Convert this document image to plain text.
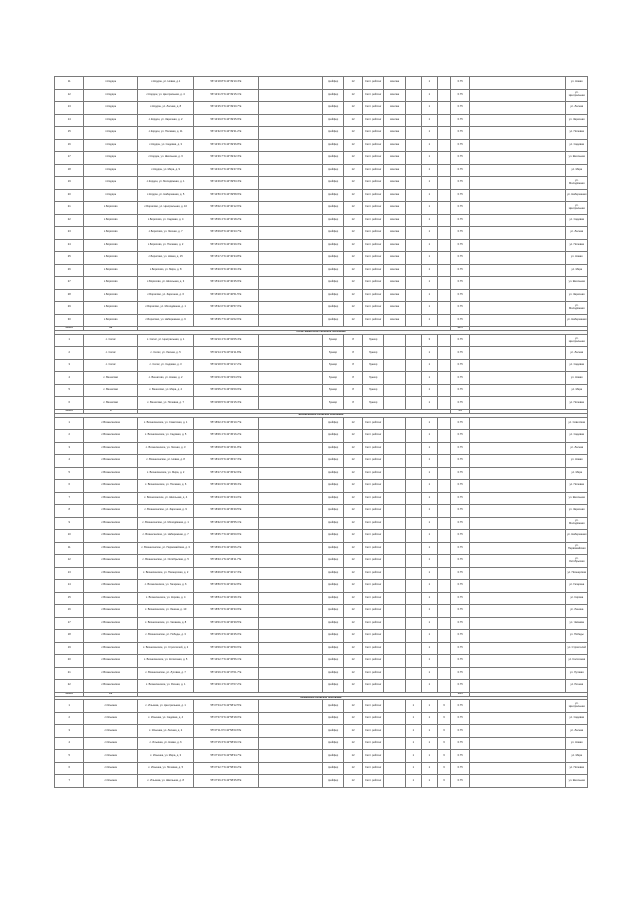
11	п.Кордон	с.Кордон, ул. Новая, д.1	56°14'18.8"N 44°39'10.4"E		грейфер	12	Септ. рейтинг	монтаж		1		0.75		ул. Новая
12	п.Кордон	с.Кордон, ул. Центральная, д. 4	56°14'21.5"N 44°39'15.1"E		грейфер	12	Септ. рейтинг	монтаж		1		0.75		ул. Центральная
13	п.Кордон	с.Кордон, ул. Лесная, д. 8	56°14'25.3"N 44°39'20.7"E		грейфер	12	Септ. рейтинг	монтаж		1		0.75		ул. Лесная
14	п.Кордон	с.Кордон, ул. Заречная, д. 2	56°14'29.0"N 44°39'25.9"E		грейфер	12	Септ. рейтинг	монтаж		1		0.75		ул. Заречная
15	п.Кордон	с.Кордон, ул. Полевая, д. 11	56°14'32.6"N 44°39'31.2"E		грейфер	12	Септ. рейтинг	монтаж		1		0.75		ул. Полевая
16	п.Кордон	с.Кордон, ул. Садовая, д. 3	56°14'36.1"N 44°39'36.8"E		грейфер	12	Септ. рейтинг	монтаж		1		0.75		ул. Садовая
17	п.Кордон	с.Кордон, ул. Школьная, д. 6	56°14'39.7"N 44°39'42.3"E		грейфер	12	Септ. рейтинг	монтаж		1		0.75		ул. Школьная
18	п.Кордон	с.Кордон, ул. Мира, д. 9	56°14'43.2"N 44°39'47.9"E		грейфер	12	Септ. рейтинг	монтаж		1		0.75		ул. Мира
19	п.Кордон	с.Кордон, ул. Молодёжная, д. 1	56°14'46.8"N 44°39'53.4"E		грейфер	12	Септ. рейтинг	монтаж		1		0.75		ул. Молодёжная
20	п.Кордон	с.Кордон, ул. Набережная, д. 5	56°14'50.3"N 44°39'58.9"E		грейфер	12	Септ. рейтинг	монтаж		1		0.75		ул. Набережная
21	с.Борисово	с.Борисово, ул. Центральная, д. 10	56°15'02.4"N 44°40'12.6"E		грейфер	12	Септ. рейтинг	монтаж		1		0.75		ул. Центральная
22	с.Борисово	с.Борисово, ул. Садовая, д. 4	56°15'06.1"N 44°40'18.2"E		грейфер	12	Септ. рейтинг	монтаж		1		0.75		ул. Садовая
23	с.Борисово	с.Борисово, ул. Лесная, д. 7	56°15'09.8"N 44°40'23.7"E		грейфер	12	Септ. рейтинг	монтаж		1		0.75		ул. Лесная
24	с.Борисово	с.Борисово, ул. Полевая, д. 2	56°15'13.5"N 44°40'29.3"E		грейфер	12	Септ. рейтинг	монтаж		1		0.75		ул. Полевая
25	с.Борисово	с.Борисово, ул. Новая, д. 15	56°15'17.2"N 44°40'34.8"E		грейфер	12	Септ. рейтинг	монтаж		1		0.75		ул. Новая
26	с.Борисово	с.Борисово, ул. Мира, д. 8	56°15'20.9"N 44°40'40.4"E		грейфер	12	Септ. рейтинг	монтаж		1		0.75		ул. Мира
27	с.Борисово	с.Борисово, ул. Школьная, д. 3	56°15'24.6"N 44°40'45.9"E		грейфер	12	Септ. рейтинг	монтаж		1		0.75		ул. Школьная
28	с.Борисово	с.Борисово, ул. Заречная, д. 6	56°15'28.3"N 44°40'51.5"E		грейфер	12	Септ. рейтинг	монтаж		1		0.75		ул. Заречная
29	с.Борисово	с.Борисово, ул. Молодёжная, д. 1	56°15'32.0"N 44°40'57.0"E		грейфер	12	Септ. рейтинг	монтаж		1		0.75		ул. Молодёжная
30	с.Борисово	с.Борисово, ул. Набережная, д. 9	56°15'35.7"N 44°41'02.6"E		грейфер	12	Септ. рейтинг	монтаж		1		0.75		ул. Набережная
Итого	30											22.5		
Сатис-Вешатское сельское поселение														
1	с. Сатис	с. Сатис, ул. Центральная, д. 1	55°42'10.1"N 43°32'05.4"E		бункер	8	бункер			3		0.75		ул. Центральная
2	с. Сатис	с. Сатис, ул. Лесная, д. 5	55°42'14.3"N 43°32'11.8"E		бункер	8	бункер			1		0.75		ул. Лесная
3	с. Сатис	с. Сатис, ул. Садовая, д. 3	55°42'18.6"N 43°32'17.2"E		бункер	8	бункер			1		0.75		ул. Садовая
4	с. Вешатово	с. Вешатово, ул. Новая, д. 2	55°43'01.9"N 43°33'04.5"E		бункер	8	бункер			1		0.75		ул. Новая
5	с. Вешатово	с. Вешатово, ул. Мира, д. 4	55°43'05.2"N 43°33'09.9"E		бункер	8	бункер			1		0.75		ул. Мира
6	с. Вешатово	с. Вешатово, ул. Полевая, д. 7	55°43'08.5"N 43°33'15.3"E		бункер	8	бункер			1		0.75		ул. Полевая
Итого	6											4.5		
Вознесенское сельское поселение														
1	с.Вознесенское	с. Вознесенское, ул. Советская, д. 1	55°18'02.4"N 42°45'10.7"E		грейфер	12	Септ. рейтинг			1		0.75		ул. Советская
2	с.Вознесенское	с. Вознесенское, ул. Садовая, д. 5	55°18'06.1"N 42°45'16.2"E		грейфер	12	Септ. рейтинг			1		0.75		ул. Садовая
3	с.Вознесенское	с. Вознесенское, ул. Лесная, д. 3	55°18'09.8"N 42°45'21.8"E		грейфер	12	Септ. рейтинг			1		0.75		ул. Лесная
4	с.Вознесенское	с. Вознесенское, ул. Новая, д. 8	55°18'13.5"N 42°45'27.3"E		грейфер	12	Септ. рейтинг			1		0.75		ул. Новая
5	с.Вознесенское	с. Вознесенское, ул. Мира, д. 2	55°18'17.2"N 42°45'32.9"E		грейфер	12	Септ. рейтинг			1		0.75		ул. Мира
6	с.Вознесенское	с. Вознесенское, ул. Полевая, д. 6	55°18'20.9"N 42°45'38.4"E		грейфер	12	Септ. рейтинг			1		0.75		ул. Полевая
7	с.Вознесенское	с. Вознесенское, ул. Школьная, д. 4	55°18'24.6"N 42°45'44.0"E		грейфер	12	Септ. рейтинг			1		0.75		ул. Школьная
8	с.Вознесенское	с. Вознесенское, ул. Заречная, д. 9	55°18'28.3"N 42°45'49.5"E		грейфер	12	Септ. рейтинг			1		0.75		ул. Заречная
9	с.Вознесенское	с. Вознесенское, ул. Молодёжная, д. 1	55°18'32.0"N 42°45'55.1"E		грейфер	12	Септ. рейтинг			1		0.75		ул. Молодёжная
10	с.Вознесенское	с. Вознесенское, ул. Набережная, д. 7	55°18'35.7"N 42°46'00.6"E		грейфер	12	Септ. рейтинг			1		0.75		ул. Набережная
11	с.Вознесенское	с. Вознесенское, ул. Первомайская, д. 3	55°18'39.4"N 42°46'06.2"E		грейфер	12	Септ. рейтинг			1		0.75		ул. Первомайская
12	с.Вознесенское	с. Вознесенское, ул. Октябрьская, д. 5	55°18'43.1"N 42°46'11.7"E		грейфер	12	Септ. рейтинг			1		0.75		ул. Октябрьская
13	с.Вознесенское	с. Вознесенское, ул. Пионерская, д. 2	55°18'46.8"N 42°46'17.3"E		грейфер	12	Септ. рейтинг			1		0.75		ул. Пионерская
14	с.Вознесенское	с. Вознесенское, ул. Гагарина, д. 6	55°18'50.5"N 42°46'22.8"E		грейфер	12	Септ. рейтинг			1		0.75		ул. Гагарина
15	с.Вознесенское	с. Вознесенское, ул. Кирова, д. 4	55°18'54.2"N 42°46'28.4"E		грейфер	12	Септ. рейтинг			1		0.75		ул. Кирова
16	с.Вознесенское	с. Вознесенское, ул. Ленина, д. 10	55°18'57.9"N 42°46'33.9"E		грейфер	12	Септ. рейтинг			1		0.75		ул. Ленина
17	с.Вознесенское	с. Вознесенское, ул. Чапаева, д. 8	55°19'01.6"N 42°46'39.5"E		грейфер	12	Септ. рейтинг			1		0.75		ул. Чапаева
18	с.Вознесенское	с. Вознесенское, ул. Победы, д. 3	55°19'05.3"N 42°46'45.0"E		грейфер	12	Септ. рейтинг			1		0.75		ул. Победы
19	с.Вознесенское	с. Вознесенское, ул. Строителей, д. 2	55°19'09.0"N 42°46'50.6"E		грейфер	12	Септ. рейтинг			1		0.75		ул. Строителей
20	с.Вознесенское	с. Вознесенское, ул. Колхозная, д. 5	55°19'12.7"N 42°46'56.1"E		грейфер	12	Септ. рейтинг			1		0.75		ул. Колхозная
21	с.Вознесенское	с. Вознесенское, ул. Луговая, д. 7	55°19'16.4"N 42°47'01.7"E		грейфер	12	Септ. рейтинг			1		0.75		ул. Луговая
22	с.Вознесенское	с. Вознесенское, ул. Речная, д. 1	55°19'20.1"N 42°47'07.2"E		грейфер	12	Септ. рейтинг			1		0.75		ул. Речная
Итого	22											16.5		
Ильинское сельское поселение														
1	с.Ильинка	с. Ильинка, ул. Центральная, д. 1	55°27'04.2"N 42°58'12.5"E		грейфер	12	Септ. рейтинг		1	1	6	0.75		ул. Центральная
2	с.Ильинка	с. Ильинка, ул. Садовая, д. 4	55°27'07.9"N 42°58'18.0"E		грейфер	12	Септ. рейтинг		1	1	6	0.75		ул. Садовая
3	с.Ильинка	с. Ильинка, ул. Лесная, д. 2	55°27'11.6"N 42°58'23.6"E		грейфер	12	Септ. рейтинг		1	1	6	0.75		ул. Лесная
4	с.Ильинка	с. Ильинка, ул. Новая, д. 6	55°27'15.3"N 42°58'29.1"E		грейфер	12	Септ. рейтинг		1	1	6	0.75		ул. Новая
5	с.Ильинка	с. Ильинка, ул. Мира, д. 3	55°27'19.0"N 42°58'34.7"E		грейфер	12	Септ. рейтинг		1	1	6	0.75		ул. Мира
6	с.Ильинка	с. Ильинка, ул. Полевая, д. 5	55°27'22.7"N 42°58'40.2"E		грейфер	12	Септ. рейтинг		1	1	6	0.75		ул. Полевая
7	с.Ильинка	с. Ильинка, ул. Школьная, д. 8	55°27'26.4"N 42°58'45.8"E		грейфер	12	Септ. рейтинг		1	1	6	0.75		ул. Школьная
